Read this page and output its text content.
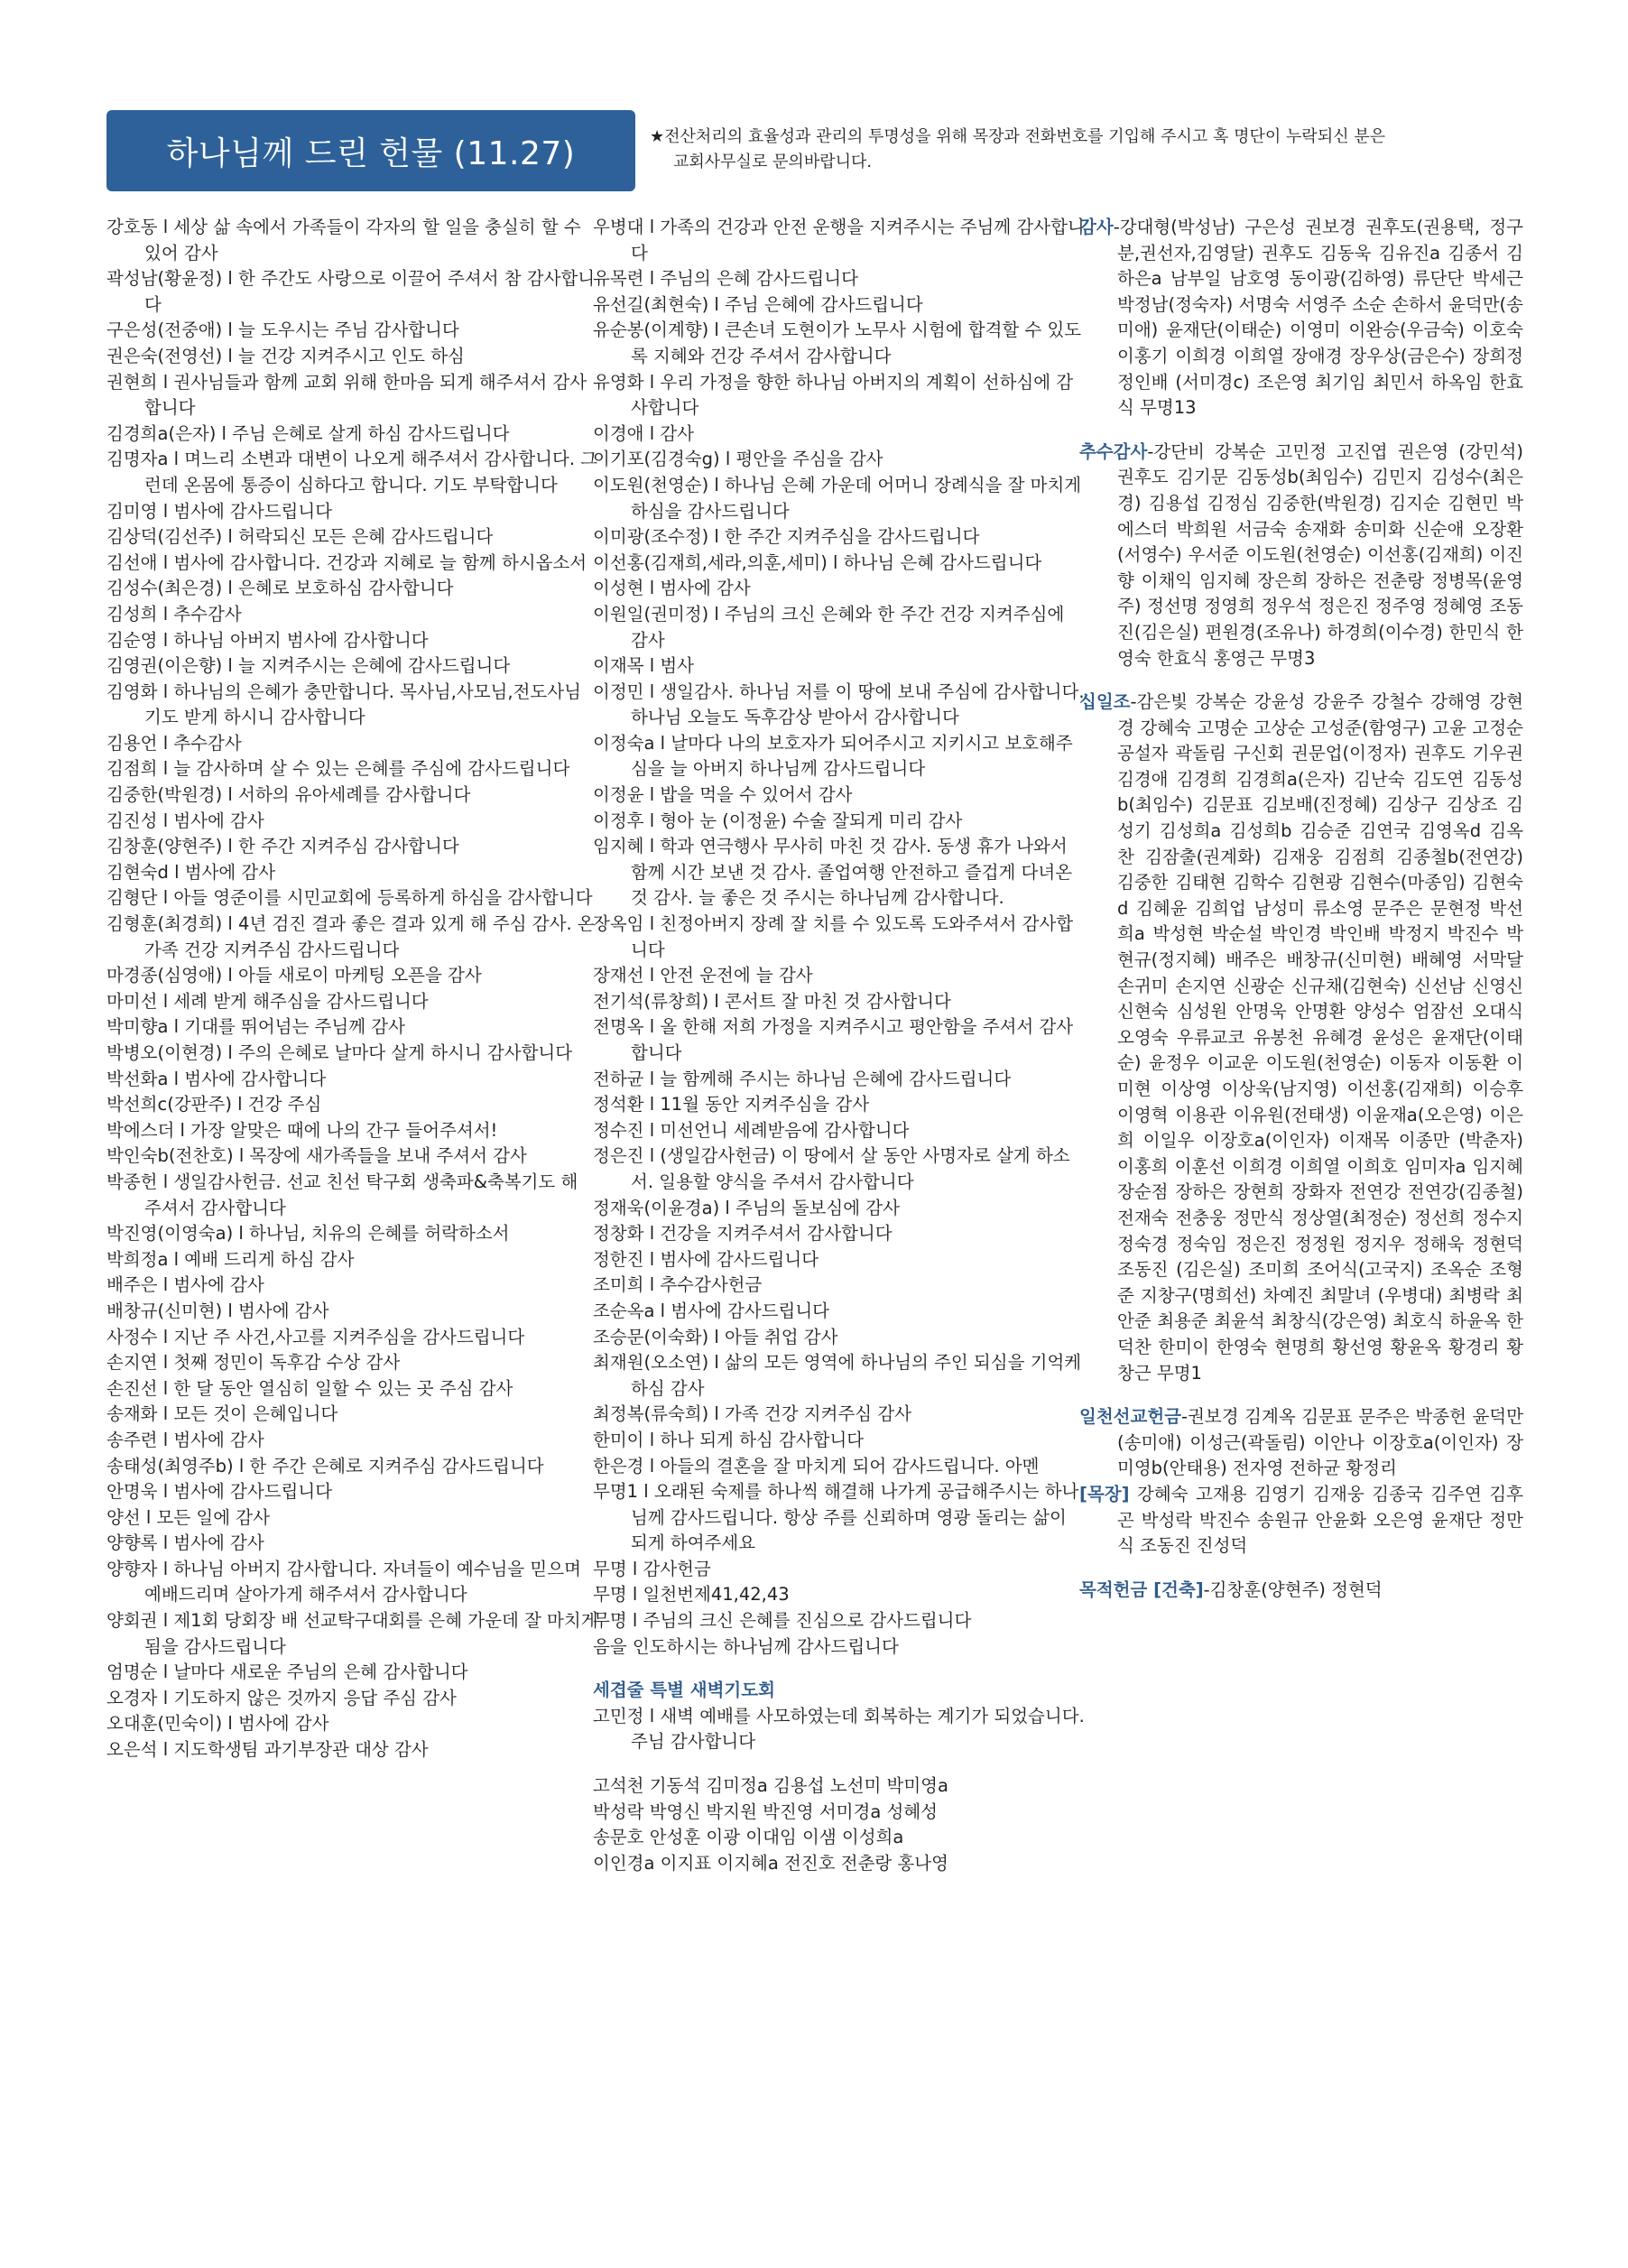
하나님께 드린 헌물 (11.27)	★전산처리의 효율성과 관리의 투명성을 위해 목장과 전화번호를 기입해 주시고 혹 명단이 누락되신 분은
교회사무실로 문의바랍니다.
강호동 l 세상 삶 속에서 가족들이 각자의 할 일을 충실히 할 수 있어 감사
곽성남(황윤정) l 한 주간도 사랑으로 이끌어 주셔서 참 감사합니다
구은성(전중애) l 늘 도우시는 주님 감사합니다
권은숙(전영선) l 늘 건강 지켜주시고 인도 하심
권현희 l 권사님들과 함께 교회 위해 한마음 되게 해주셔서 감사합니다
김경희a(은자) l 주님 은혜로 살게 하심 감사드립니다
김명자a l 며느리 소변과 대변이 나오게 해주셔서 감사합니다. 그런데 온몸에 통증이 심하다고 합니다. 기도 부탁합니다
김미영 l 범사에 감사드립니다
김상덕(김선주) l 허락되신 모든 은혜 감사드립니다
김선애 l 범사에 감사합니다. 건강과 지혜로 늘 함께 하시옵소서
김성수(최은경) l 은혜로 보호하심 감사합니다
김성희 l 추수감사
김순영 l 하나님 아버지 범사에 감사합니다
김영권(이은향) l 늘 지켜주시는 은혜에 감사드립니다
김영화 l 하나님의 은혜가 충만합니다. 목사님,사모님,전도사님 기도 받게 하시니 감사합니다
김용언 l 추수감사
김점희 l 늘 감사하며 살 수 있는 은혜를 주심에 감사드립니다
김중한(박원경) l 서하의 유아세례를 감사합니다
김진성 l 범사에 감사
김창훈(양현주) l 한 주간 지켜주심 감사합니다
김현숙d l 범사에 감사
김형단 l 아들 영준이를 시민교회에 등록하게 하심을 감사합니다
김형훈(최경희) l 4년 검진 결과 좋은 결과 있게 해 주심 감사. 온 가족 건강 지켜주심 감사드립니다
마경종(심영애) l 아들 새로이 마케팅 오픈을 감사
마미선 l 세례 받게 해주심을 감사드립니다
박미향a l 기대를 뛰어넘는 주님께 감사
박병오(이현경) l 주의 은혜로 날마다 살게 하시니 감사합니다
박선화a l 범사에 감사합니다
박선희c(강판주) l 건강 주심
박에스더 l 가장 알맞은 때에 나의 간구 들어주셔서!
박인숙b(전찬호) l 목장에 새가족들을 보내 주셔서 감사
박종헌 l 생일감사헌금. 선교 친선 탁구회 생축파&축복기도 해 주셔서 감사합니다
박진영(이영숙a) l 하나님, 치유의 은혜를 허락하소서
박희정a l 예배 드리게 하심 감사
배주은 l 범사에 감사
배창규(신미현) l 범사에 감사
사정수 l 지난 주 사건,사고를 지켜주심을 감사드립니다
손지연 l 첫째 정민이 독후감 수상 감사
손진선 l 한 달 동안 열심히 일할 수 있는 곳 주심 감사
송재화 l 모든 것이 은혜입니다
송주련 l 범사에 감사
송태성(최영주b) l 한 주간 은혜로 지켜주심 감사드립니다
안명욱 l 범사에 감사드립니다
양선 l 모든 일에 감사
양향록 l 범사에 감사
양향자 l 하나님 아버지 감사합니다. 자녀들이 예수님을 믿으며 예배드리며 살아가게 해주셔서 감사합니다
양회권 l 제1회 당회장 배 선교탁구대회를 은혜 가운데 잘 마치게 됨을 감사드립니다
엄명순 l 날마다 새로운 주님의 은혜 감사합니다
오경자 l 기도하지 않은 것까지 응답 주심 감사
오대훈(민숙이) l 범사에 감사
오은석 l 지도학생팀 과기부장관 대상 감사
우병대 l 가족의 건강과 안전 운행을 지켜주시는 주님께 감사합니다
유목련 l 주님의 은혜 감사드립니다
유선길(최현숙) l 주님 은혜에 감사드립니다
유순봉(이계향) l 큰손녀 도현이가 노무사 시험에 합격할 수 있도록 지혜와 건강 주셔서 감사합니다
유영화 l 우리 가정을 향한 하나님 아버지의 계획이 선하심에 감사합니다
이경애 l 감사
이기포(김경숙g) l 평안을 주심을 감사
이도원(천영순) l 하나님 은혜 가운데 어머니 장례식을 잘 마치게 하심을 감사드립니다
이미광(조수정) l 한 주간 지켜주심을 감사드립니다
이선홍(김재희,세라,의훈,세미) l 하나님 은혜 감사드립니다
이성현 l 범사에 감사
이원일(권미정) l 주님의 크신 은혜와 한 주간 건강 지켜주심에 감사
이재목 l 범사
이정민 l 생일감사. 하나님 저를 이 땅에 보내 주심에 감사합니다. 하나님 오늘도 독후감상 받아서 감사합니다
이정숙a l 날마다 나의 보호자가 되어주시고 지키시고 보호해주심을 늘 아버지 하나님께 감사드립니다
이정윤 l 밥을 먹을 수 있어서 감사
이정후 l 형아 눈 (이정윤) 수술 잘되게 미리 감사
임지혜 l 학과 연극행사 무사히 마친 것 감사. 동생 휴가 나와서 함께 시간 보낸 것 감사. 졸업여행 안전하고 즐겁게 다녀온 것 감사. 늘 좋은 것 주시는 하나님께 감사합니다.
장옥임 l 친정아버지 장례 잘 치를 수 있도록 도와주셔서 감사합니다
장재선 l 안전 운전에 늘 감사
전기석(류창희) l 콘서트 잘 마친 것 감사합니다
전명옥 l 올 한해 저희 가정을 지켜주시고 평안함을 주셔서 감사합니다
전하균 l 늘 함께해 주시는 하나님 은혜에 감사드립니다
정석환 l 11월 동안 지켜주심을 감사
정수진 l 미선언니 세례받음에 감사합니다
정은진 l (생일감사헌금) 이 땅에서 살 동안 사명자로 살게 하소서. 일용할 양식을 주셔서 감사합니다
정재욱(이윤경a) l 주님의 돌보심에 감사
정창화 l 건강을 지켜주셔서 감사합니다
정한진 l 범사에 감사드립니다
조미희 l 추수감사헌금
조순옥a l 범사에 감사드립니다
조승문(이숙화) l 아들 취업 감사
최재원(오소연) l 삶의 모든 영역에 하나님의 주인 되심을 기억케 하심 감사
최정복(류숙희) l 가족 건강 지켜주심 감사
한미이 l 하나 되게 하심 감사합니다
한은경 l 아들의 결혼을 잘 마치게 되어 감사드립니다. 아멘
무명1 l 오래된 숙제를 하나씩 해결해 나가게 공급해주시는 하나님께 감사드립니다. 항상 주를 신뢰하며 영광 돌리는 삶이 되게 하여주세요
무명 l 감사헌금
무명 l 일천번제41,42,43
무명 l 주님의 크신 은혜를 진심으로 감사드립니다
음을 인도하시는 하나님께 감사드립니다
세겹줄 특별 새벽기도회
고민정 l 새벽 예배를 사모하였는데 회복하는 계기가 되었습니다. 주님 감사합니다
고석천 기동석 김미정a 김용섭 노선미 박미영a
박성락 박영신 박지원 박진영 서미경a 성혜성
송문호 안성훈 이광 이대임 이샘 이성희a
이인경a 이지표 이지혜a 전진호 전춘랑 홍나영
감사-강대형(박성남) 구은성 권보경 권후도(권용택, 정구분,권선자,김영달) 권후도 김동욱 김유진a 김종서 김하은a 남부일 남호영 동이광(김하영) 류단단 박세근 박정남(정숙자) 서명숙 서영주 소순 손하서 윤덕만(송미애) 윤재단(이태순) 이영미 이완승(우금숙) 이호숙 이홍기 이희경 이희열 장애경 장우상(금은수) 장희정 정인배 (서미경c) 조은영 최기임 최민서 하옥임 한효식 무명13
추수감사-강단비 강복순 고민정 고진엽 권은영 (강민석) 권후도 김기문 김동성b(최임수) 김민지 김성수(최은경) 김용섭 김정심 김중한(박원경) 김지순 김현민 박에스더 박희원 서금숙 송재화 송미화 신순애 오장환(서영수) 우서준 이도원(천영순) 이선홍(김재희) 이진향 이채익 임지혜 장은희 장하은 전춘랑 정병목(윤영주) 정선명 정영희 정우석 정은진 정주영 정혜영 조동진(김은실) 편원경(조유나) 하경희(이수경) 한민식 한영숙 한효식 홍영근 무명3
십일조-감은빛 강복순 강윤성 강윤주 강철수 강해영 강현경 강혜숙 고명순 고상순 고성준(함영구) 고윤 고정순 공설자 곽돌림 구신회 권문업(이정자) 권후도 기우권 김경애 김경희 김경희a(은자) 김난숙 김도연 김동성b(최임수) 김문표 김보배(진정혜) 김상구 김상조 김성기 김성희a 김성희b 김승준 김연국 김영옥d 김옥찬 김잠출(권계화) 김재웅 김점희 김종철b(전연강) 김중한 김태현 김학수 김현광 김현수(마종임) 김현숙d 김혜윤 김희업 남성미 류소영 문주은 문현정 박선희a 박성현 박순설 박인경 박인배 박정지 박진수 박현규(정지혜) 배주은 배창규(신미현) 배혜영 서막달 손귀미 손지연 신광순 신규채(김현숙) 신선남 신영신 신현숙 심성원 안명욱 안명환 양성수 엄잠선 오대식 오영숙 우류교코 유봉천 유혜경 윤성은 윤재단(이태순) 윤정우 이교운 이도원(천영순) 이동자 이동환 이미현 이상영 이상욱(남지영) 이선홍(김재희) 이승후 이영혁 이용관 이유원(전태생) 이윤재a(오은영) 이은희 이일우 이장호a(이인자) 이재목 이종만 (박춘자) 이홍희 이훈선 이희경 이희열 이희호 임미자a 임지혜 장순점 장하은 장현희 장화자 전연강 전연강(김종철) 전재숙 전충웅 정만식 정상열(최정순) 정선희 정수지 정숙경 정숙임 정은진 정정원 정지우 정해욱 정현덕 조동진 (김은실) 조미희 조어식(고국지) 조옥순 조형준 지창구(명희선) 차예진 최말녀 (우병대) 최병락 최안준 최용준 최윤석 최창식(강은영) 최호식 하윤옥 한덕찬 한미이 한영숙 현명희 황선영 황윤옥 황경리 황창근 무명1
일천선교헌금-권보경 김계옥 김문표 문주은 박종헌 윤덕만(송미애) 이성근(곽돌림) 이안나 이장호a(이인자) 장미영b(안태용) 전자영 전하균 황정리
[목장] 강혜숙 고재용 김영기 김재웅 김종국 김주연 김후곤 박성락 박진수 송원규 안윤화 오은영 윤재단 정만식 조동진 진성덕
목적헌금 [건축]-김창훈(양현주) 정현덕
